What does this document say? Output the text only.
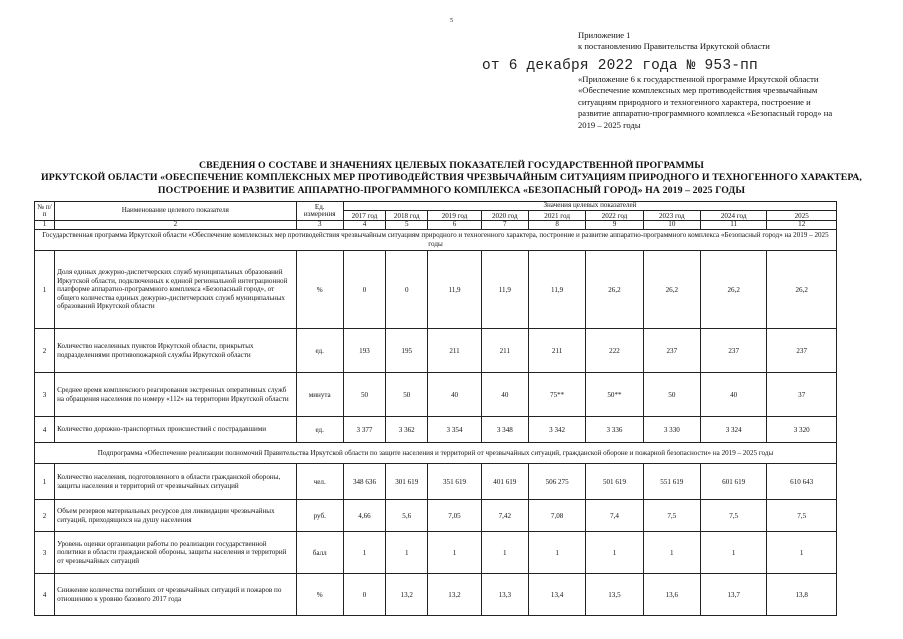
5
Приложение 1
к постановлению Правительства Иркутской области
от 6 декабря 2022 года № 953-пп
«Приложение 6 к государственной программе Иркутской области «Обеспечение комплексных мер противодействия чрезвычайным ситуациям природного и техногенного характера, построение и развитие аппаратно-программного комплекса «Безопасный город» на 2019 – 2025 годы
СВЕДЕНИЯ О СОСТАВЕ И ЗНАЧЕНИЯХ ЦЕЛЕВЫХ ПОКАЗАТЕЛЕЙ ГОСУДАРСТВЕННОЙ ПРОГРАММЫ
ИРКУТСКОЙ ОБЛАСТИ «ОБЕСПЕЧЕНИЕ КОМПЛЕКСНЫХ МЕР ПРОТИВОДЕЙСТВИЯ ЧРЕЗВЫЧАЙНЫМ СИТУАЦИЯМ ПРИРОДНОГО И ТЕХНОГЕННОГО ХАРАКТЕРА,
ПОСТРОЕНИЕ И РАЗВИТИЕ АППАРАТНО-ПРОГРАММНОГО КОМПЛЕКСА «БЕЗОПАСНЫЙ ГОРОД» НА 2019 – 2025 ГОДЫ
№ п/п	Наименование целевого показателя	Ед. измерения	Значения целевых показателей								
			2017 год	2018 год	2019 год	2020 год	2021 год	2022 год	2023 год	2024 год	2025
1	2	3	4	5	6	7	8	9	10	11	12
Государственная программа Иркутской области «Обеспечение комплексных мер противодействия чрезвычайным ситуациям природного и техногенного характера, построение и развитие аппаратно-программного комплекса «Безопасный город» на 2019 – 2025 годы											
1	Доля единых дежурно-диспетчерских служб муниципальных образований Иркутской области, подключенных к единой региональной интеграционной платформе аппаратно-программного комплекса «Безопасный город», от общего количества единых дежурно-диспетчерских служб муниципальных образований Иркутской области	%	0	0	11,9	11,9	11,9	26,2	26,2	26,2	26,2
2	Количество населенных пунктов Иркутской области, прикрытых подразделениями противопожарной службы Иркутской области	ед.	193	195	211	211	211	222	237	237	237
3	Среднее время комплексного реагирования экстренных оперативных служб на обращения населения по номеру «112» на территории Иркутской области	минута	50	50	40	40	75**	50**	50	40	37
4	Количество дорожно-транспортных происшествий с пострадавшими	ед.	3 377	3 362	3 354	3 348	3 342	3 336	3 330	3 324	3 320
Подпрограмма «Обеспечение реализации полномочий Правительства Иркутской области по защите населения и территорий от чрезвычайных ситуаций, гражданской обороне и пожарной безопасности» на 2019 – 2025 годы											
1	Количество населения, подготовленного в области гражданской обороны, защиты населения и территорий от чрезвычайных ситуаций	чел.	348 636	301 619	351 619	401 619	506 275	501 619	551 619	601 619	610 643
2	Объем резервов материальных ресурсов для ликвидации чрезвычайных ситуаций, приходящихся на душу населения	руб.	4,66	5,6	7,05	7,42	7,08	7,4	7,5	7,5	7,5
3	Уровень оценки организации работы по реализации государственной политики в области гражданской обороны, защиты населения и территорий от чрезвычайных ситуаций	балл	1	1	1	1	1	1	1	1	1
4	Снижение количества погибших от чрезвычайных ситуаций и пожаров по отношению к уровню базового 2017 года	%	0	13,2	13,2	13,3	13,4	13,5	13,6	13,7	13,8
